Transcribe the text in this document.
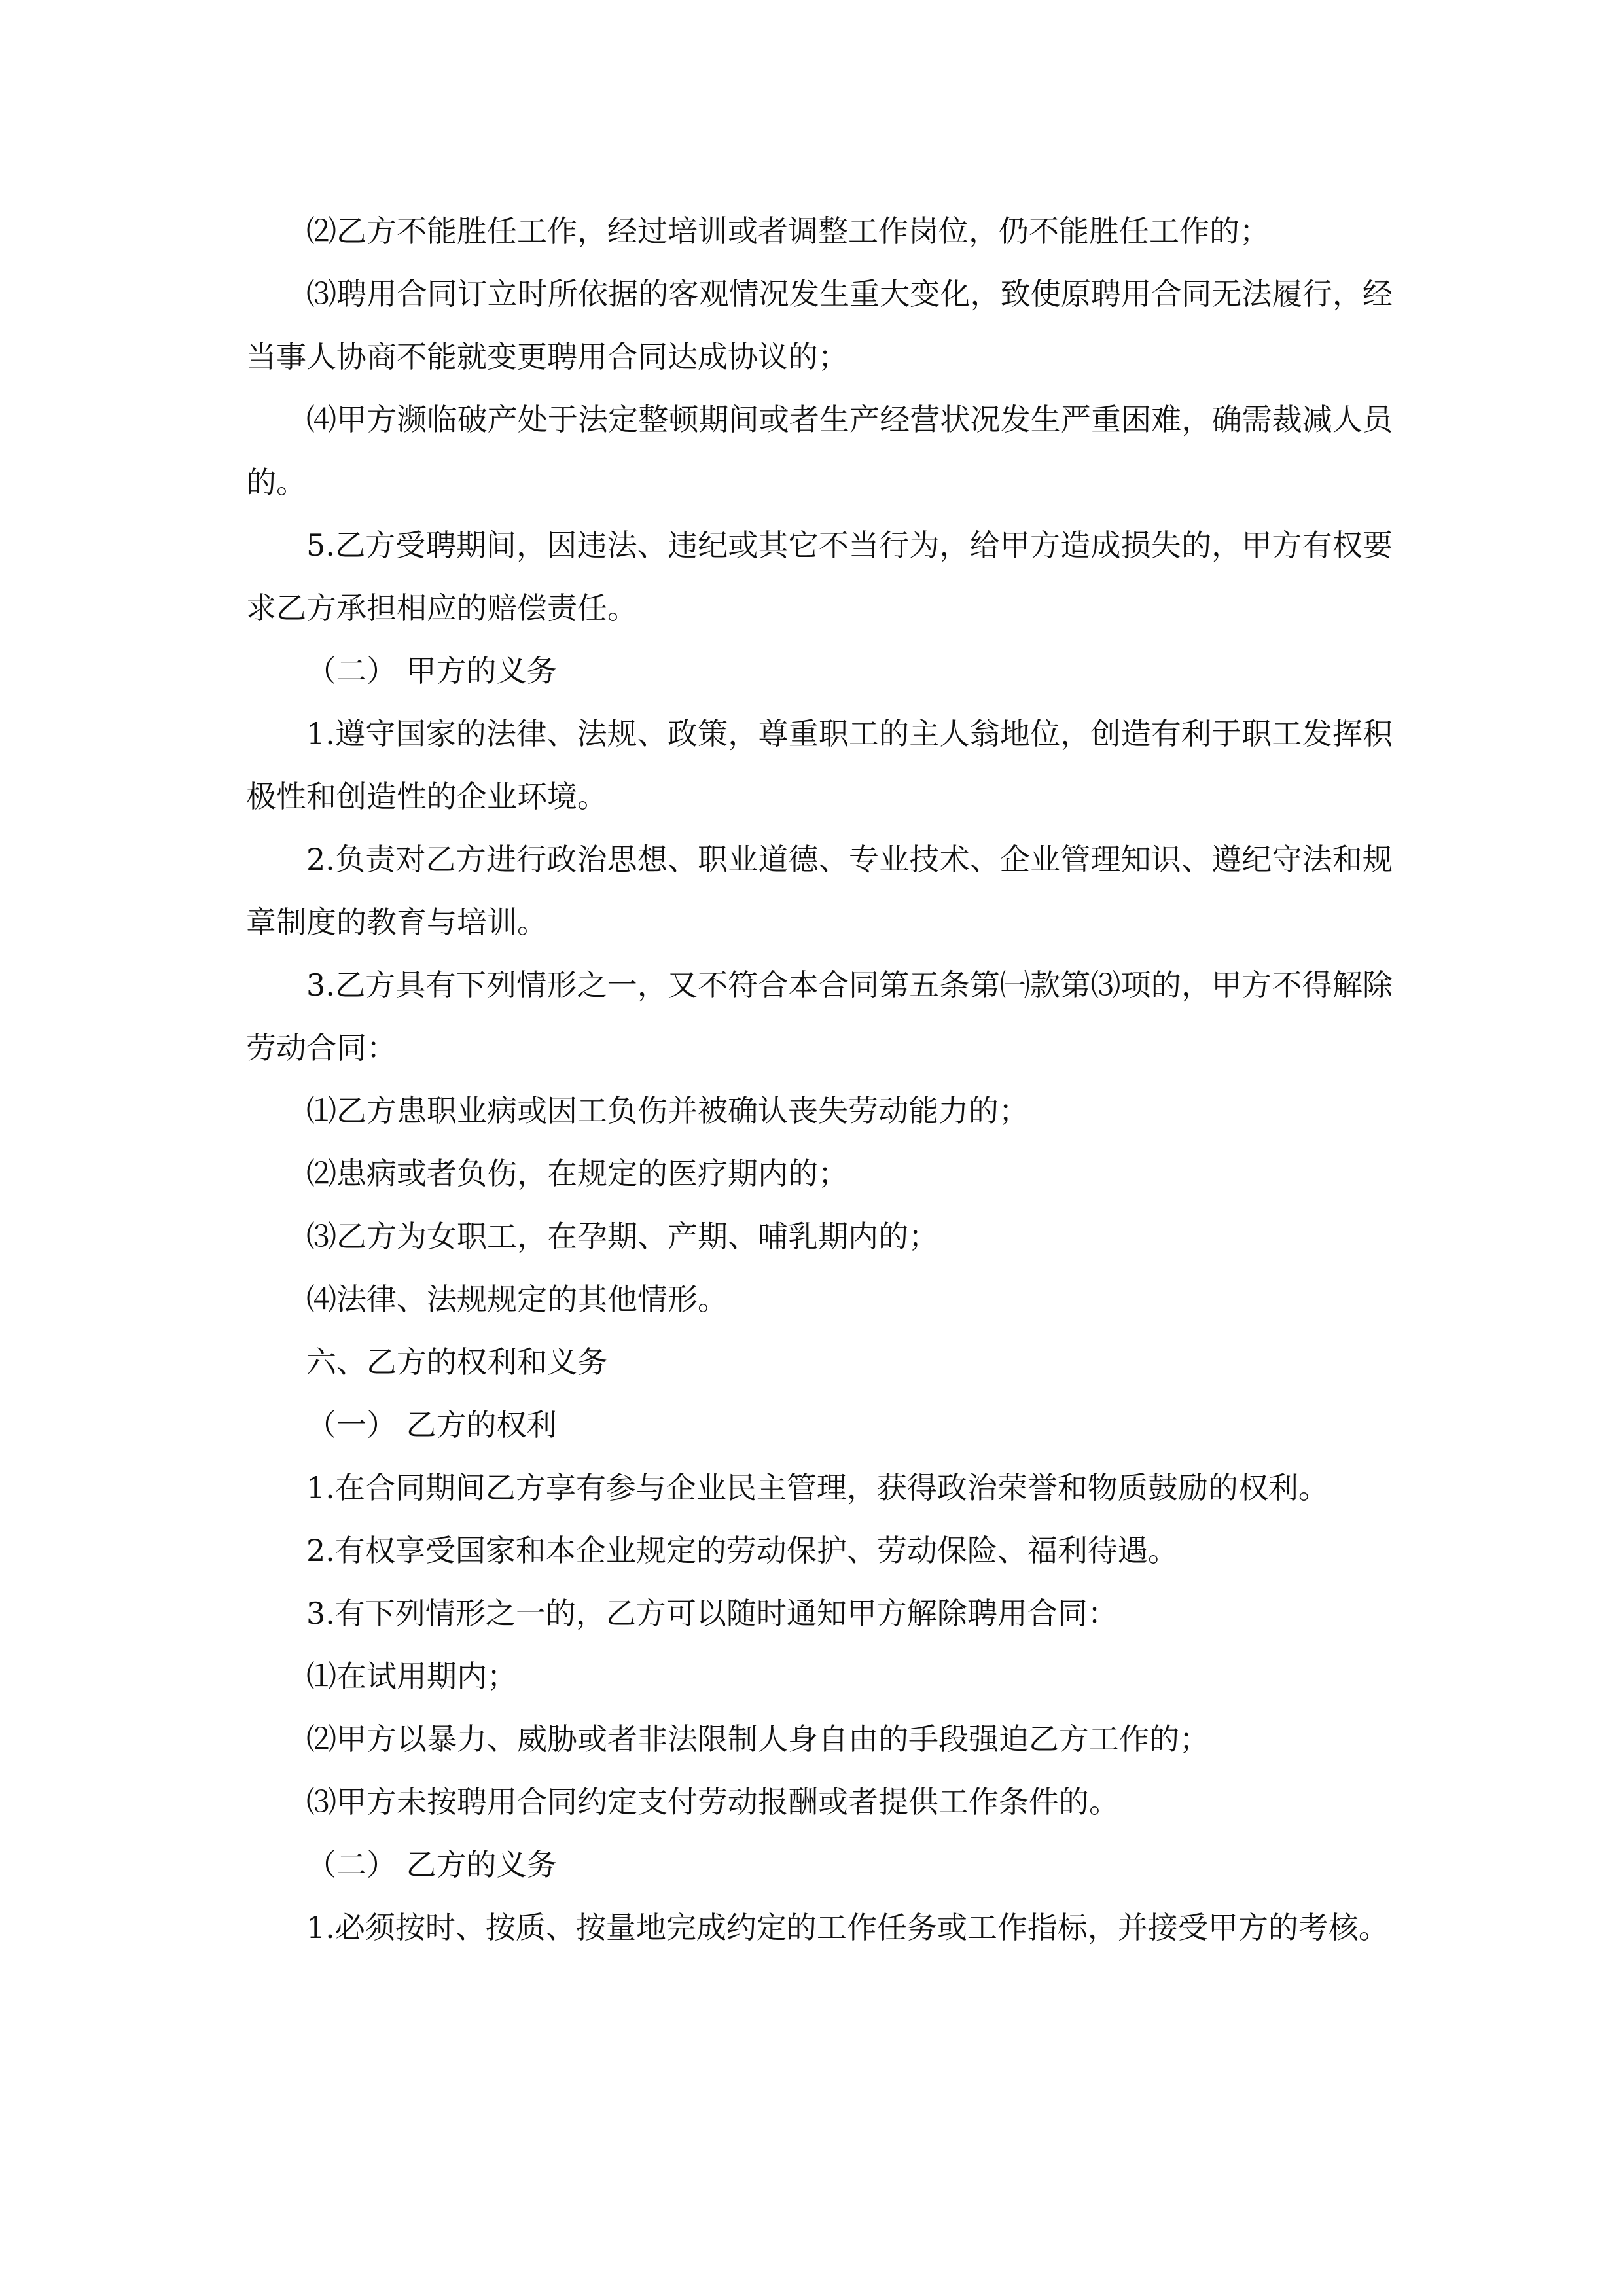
⑵乙方不能胜任工作，经过培训或者调整工作岗位，仍不能胜任工作的；

⑶聘用合同订立时所依据的客观情况发生重大变化，致使原聘用合同无法履行，经当事人协商不能就变更聘用合同达成协议的；

⑷甲方濒临破产处于法定整顿期间或者生产经营状况发生严重困难，确需裁减人员的。

5.乙方受聘期间，因违法、违纪或其它不当行为，给甲方造成损失的，甲方有权要求乙方承担相应的赔偿责任。

（二） 甲方的义务

1.遵守国家的法律、法规、政策，尊重职工的主人翁地位，创造有利于职工发挥积极性和创造性的企业环境。

2.负责对乙方进行政治思想、职业道德、专业技术、企业管理知识、遵纪守法和规章制度的教育与培训。

3.乙方具有下列情形之一，又不符合本合同第五条第㈠款第⑶项的，甲方不得解除劳动合同：

⑴乙方患职业病或因工负伤并被确认丧失劳动能力的；

⑵患病或者负伤，在规定的医疗期内的；

⑶乙方为女职工，在孕期、产期、哺乳期内的；

⑷法律、法规规定的其他情形。

六、乙方的权利和义务

（一） 乙方的权利

1.在合同期间乙方享有参与企业民主管理，获得政治荣誉和物质鼓励的权利。

2.有权享受国家和本企业规定的劳动保护、劳动保险、福利待遇。

3.有下列情形之一的，乙方可以随时通知甲方解除聘用合同：

⑴在试用期内；

⑵甲方以暴力、威胁或者非法限制人身自由的手段强迫乙方工作的；

⑶甲方未按聘用合同约定支付劳动报酬或者提供工作条件的。

（二） 乙方的义务

1.必须按时、按质、按量地完成约定的工作任务或工作指标，并接受甲方的考核。
